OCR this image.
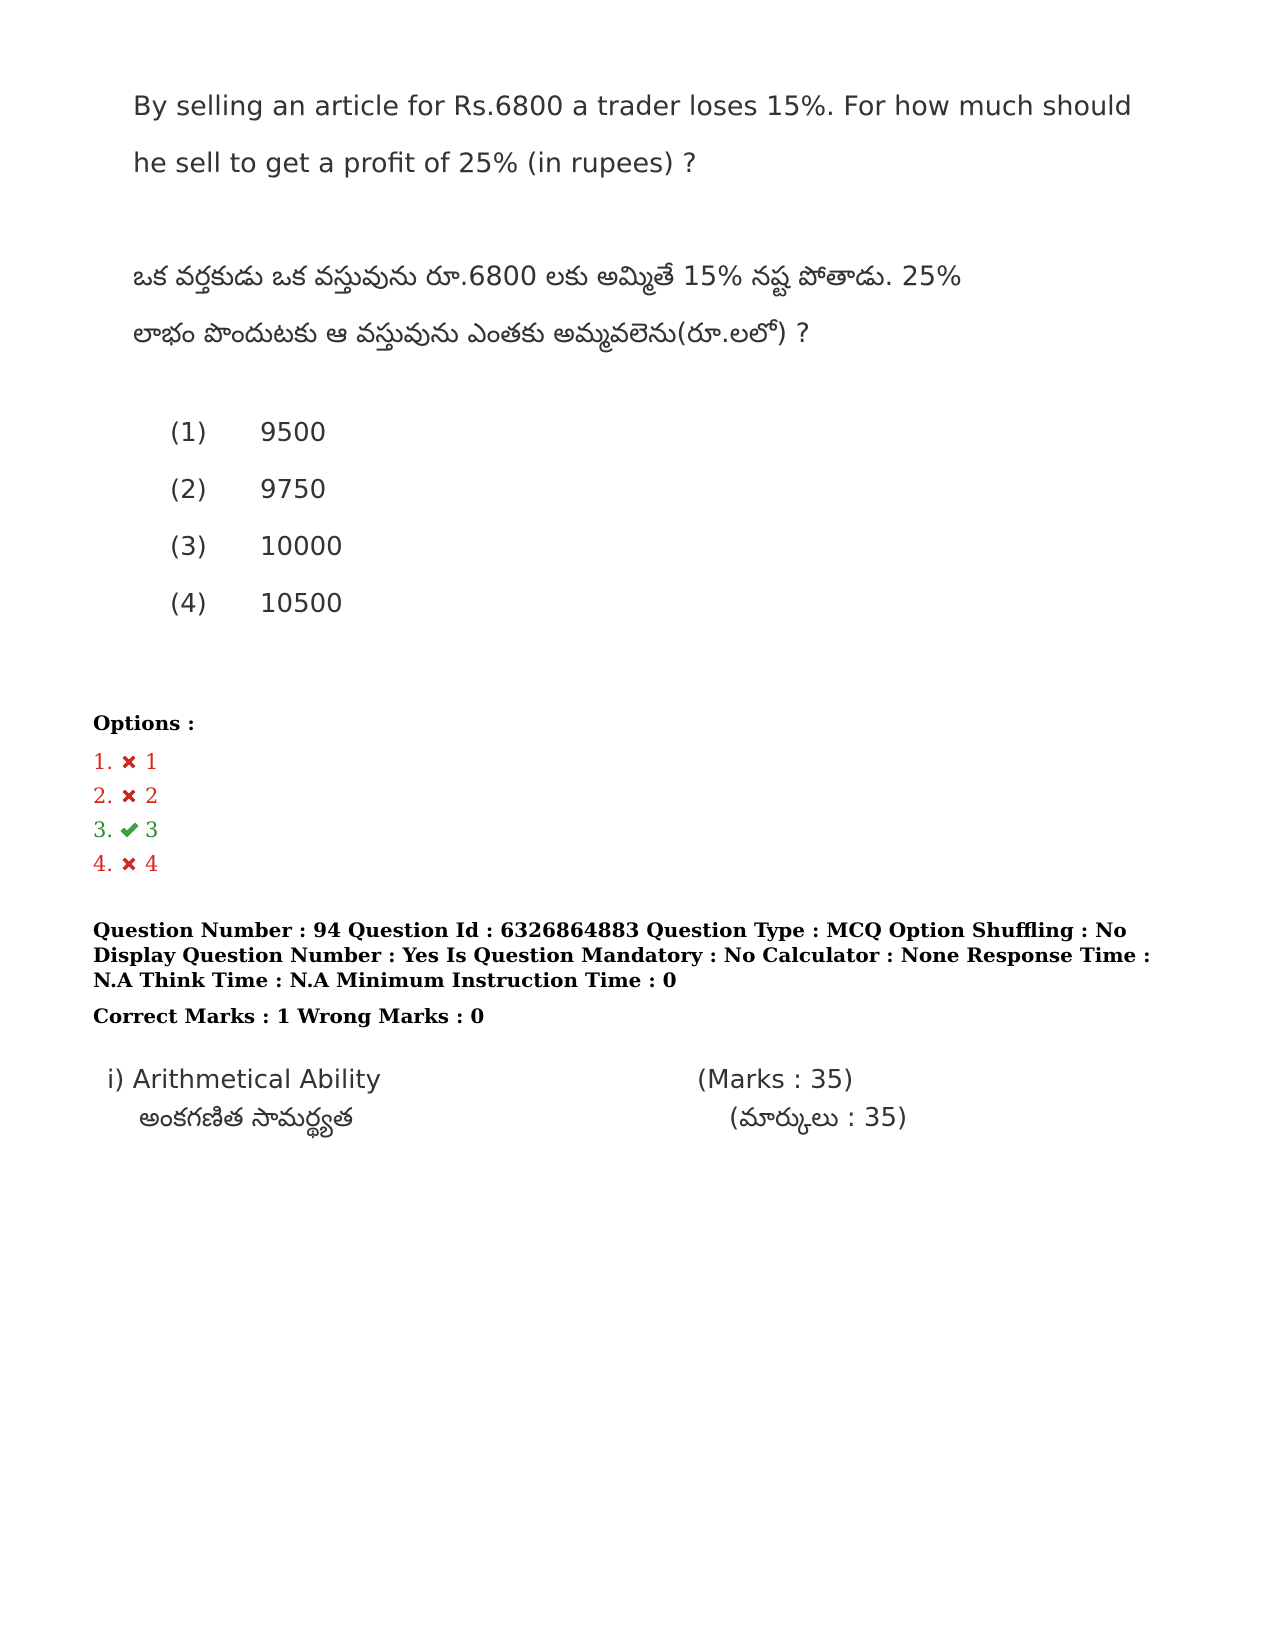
By selling an article for Rs.6800 a trader loses 15%. For how much should
he sell to get a profit of 25% (in rupees) ?

ఒక వర్తకుడు ఒక వస్తువును రూ.6800 లకు అమ్మితే 15% నష్ట పోతాడు. 25%
లాభం పొందుటకు ఆ వస్తువును ఎంతకు అమ్మవలెను(రూ.లలో) ?

(1)	9500
(2)	9750
(3)	10000
(4)	10500
Options :
1. 1
2. 2
3. 3
4. 4
Question Number : 94 Question Id : 6326864883 Question Type : MCQ Option Shuffling : No Display Question Number : Yes Is Question Mandatory : No Calculator : None Response Time : N.A Think Time : N.A Minimum Instruction Time : 0
Correct Marks : 1 Wrong Marks : 0
i) Arithmetical Ability	(Marks : 35)
అంకగణిత సామర్థ్యత	(మార్కులు : 35)
